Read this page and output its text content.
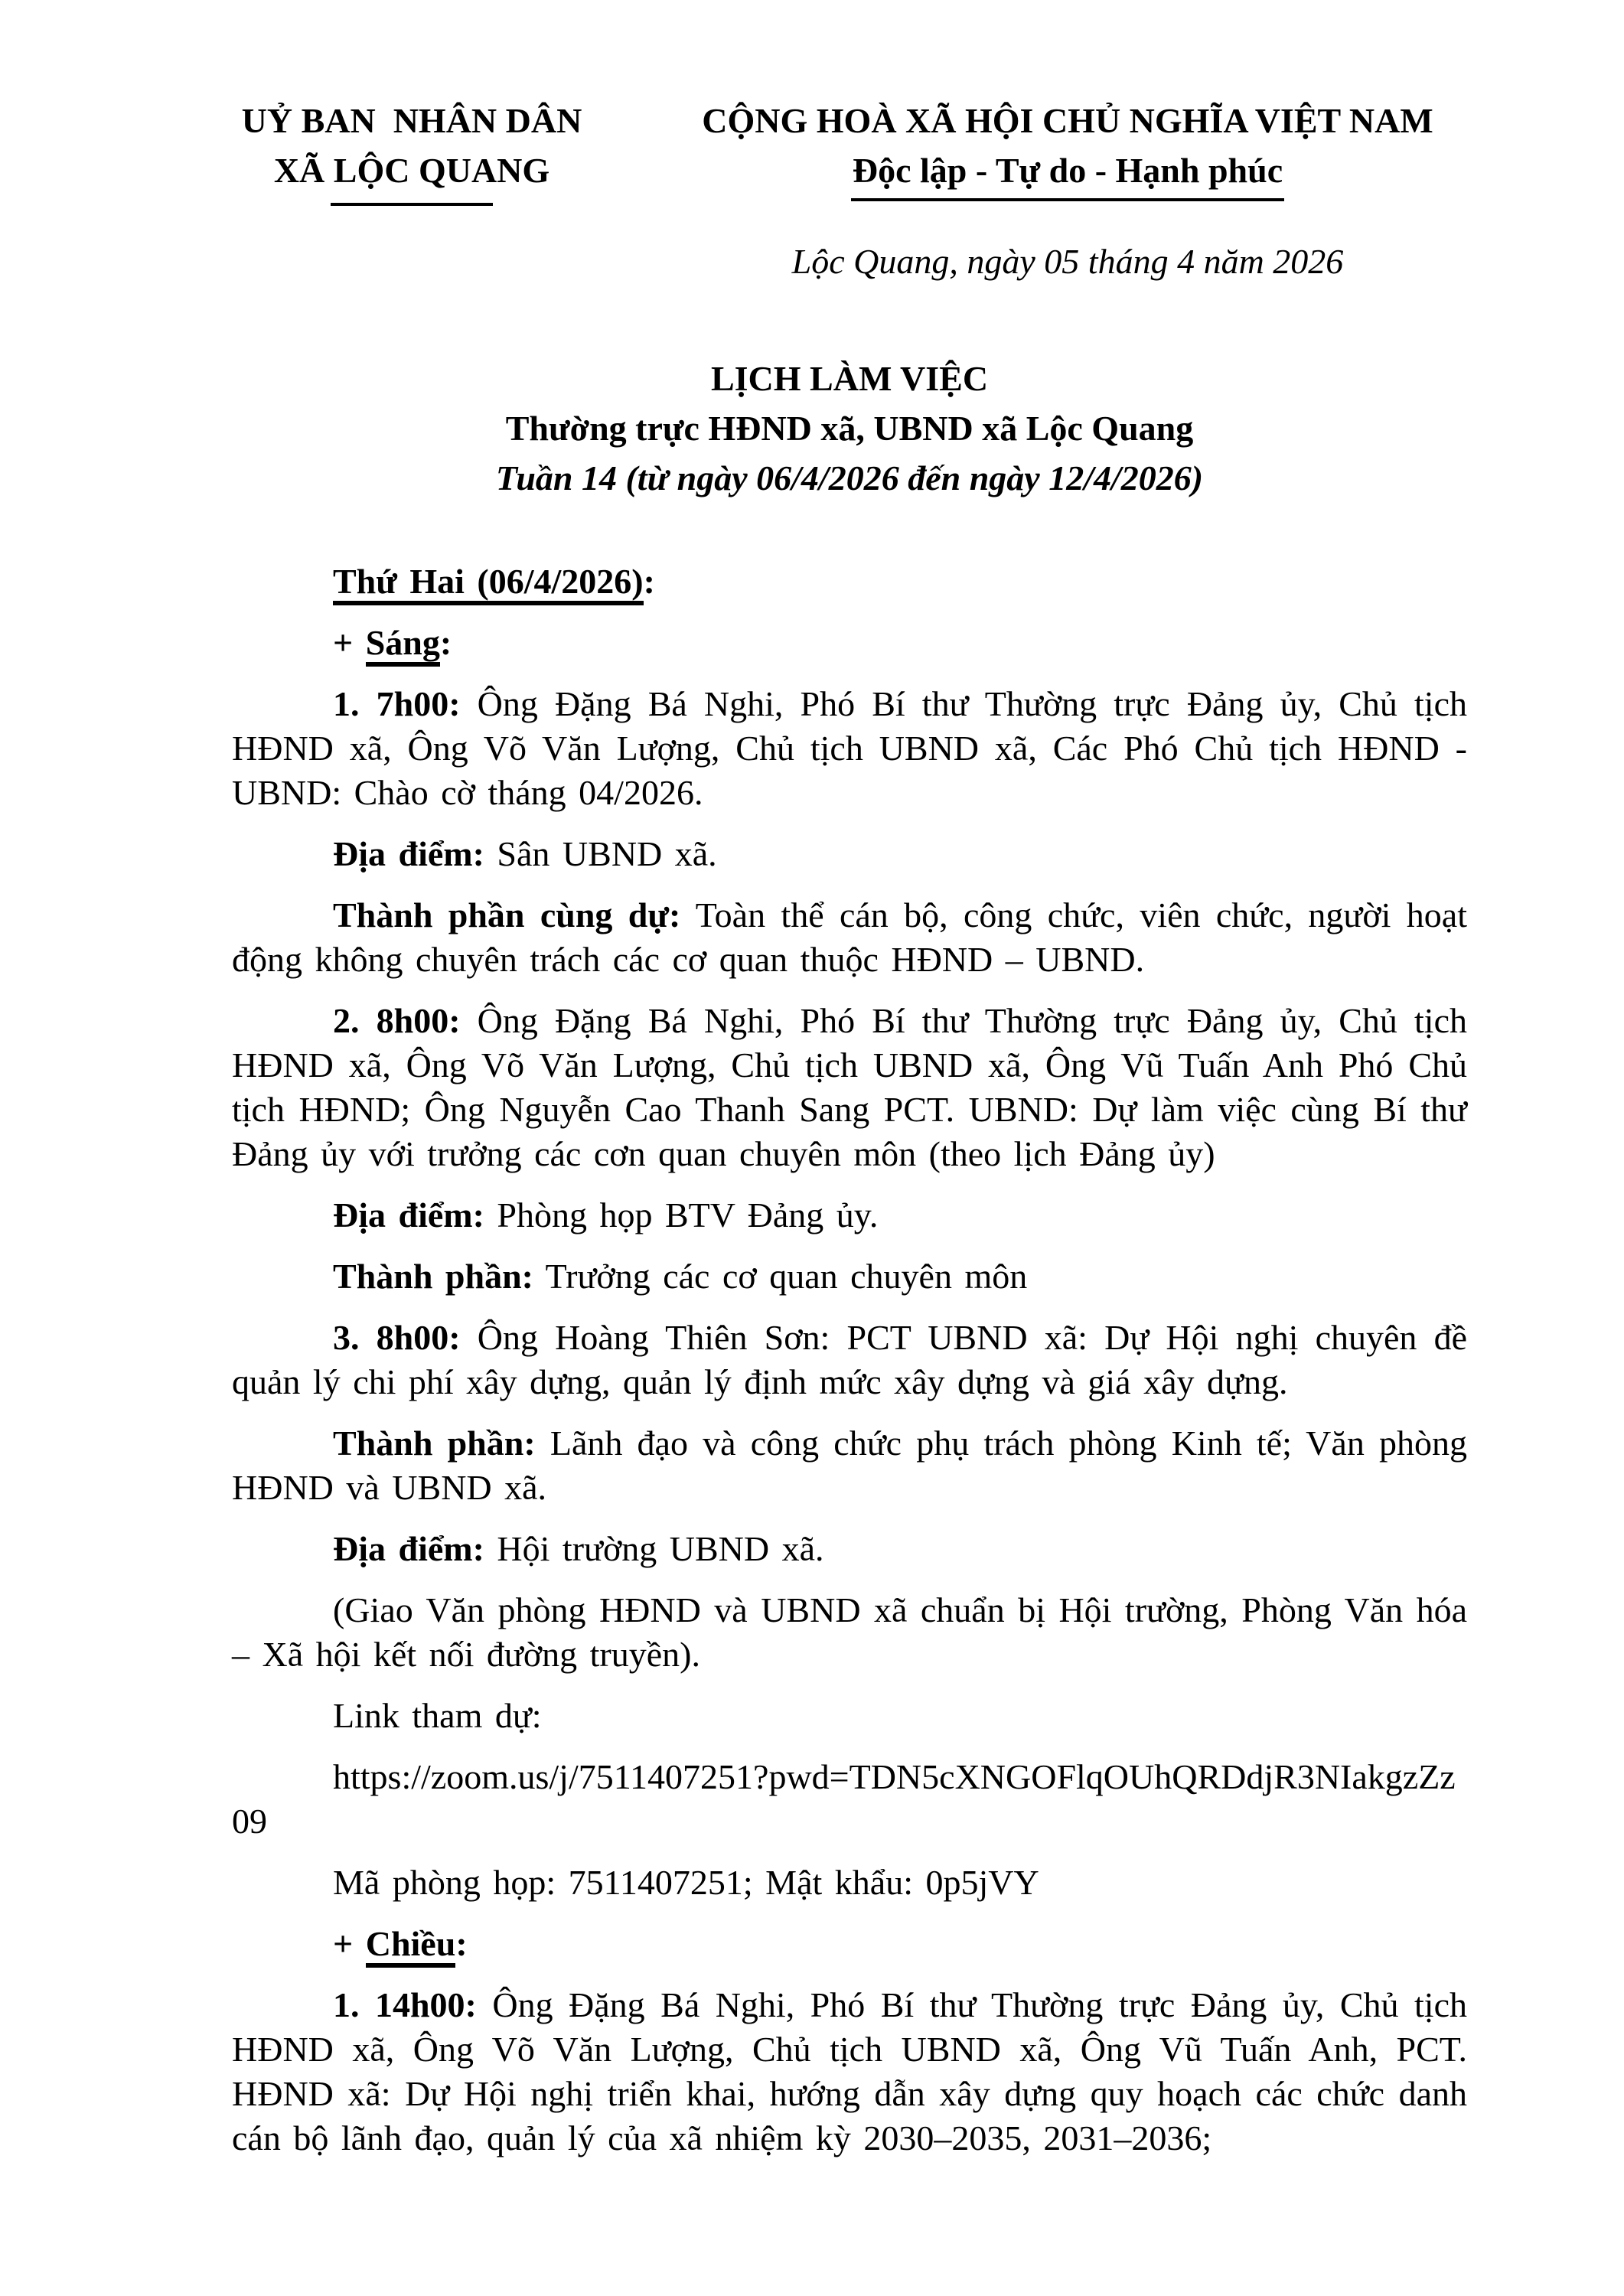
UỶ BAN  NHÂN DÂN
XÃ LỘC QUANG
CỘNG HOÀ XÃ HỘI CHỦ NGHĨA VIỆT NAM
Độc lập - Tự do - Hạnh phúc
Lộc Quang, ngày 05 tháng 4 năm 2026
LỊCH LÀM VIỆC
Thường trực HĐND xã, UBND xã Lộc Quang
Tuần 14 (từ ngày 06/4/2026 đến ngày 12/4/2026)

Thứ Hai (06/4/2026):

+ Sáng:

1. 7h00: Ông Đặng Bá Nghi, Phó Bí thư Thường trực Đảng ủy, Chủ tịch HĐND xã, Ông Võ Văn Lượng, Chủ tịch UBND xã, Các Phó Chủ tịch HĐND - UBND: Chào cờ tháng 04/2026.

Địa điểm: Sân UBND xã.

Thành phần cùng dự: Toàn thể cán bộ, công chức, viên chức, người hoạt động không chuyên trách các cơ quan thuộc HĐND – UBND.

2. 8h00: Ông Đặng Bá Nghi, Phó Bí thư Thường trực Đảng ủy, Chủ tịch HĐND xã, Ông Võ Văn Lượng, Chủ tịch UBND xã, Ông Vũ Tuấn Anh Phó Chủ tịch HĐND; Ông Nguyễn Cao Thanh Sang PCT. UBND: Dự làm việc cùng Bí thư Đảng ủy với trưởng các cơn quan chuyên môn (theo lịch Đảng ủy)

Địa điểm: Phòng họp BTV Đảng ủy.

Thành phần: Trưởng các cơ quan chuyên môn

3. 8h00: Ông Hoàng Thiên Sơn: PCT UBND xã: Dự Hội nghị chuyên đề quản lý chi phí xây dựng, quản lý định mức xây dựng và giá xây dựng.

Thành phần: Lãnh đạo và công chức phụ trách phòng Kinh tế; Văn phòng HĐND và UBND xã.

Địa điểm: Hội trường UBND xã.

(Giao Văn phòng HĐND và UBND xã chuẩn bị Hội trường, Phòng Văn hóa – Xã hội kết nối đường truyền).

Link tham dự:

https://zoom.us/j/7511407251?pwd=TDN5cXNGOFlqOUhQRDdjR3NIakgzZz09

Mã phòng họp: 7511407251; Mật khẩu: 0p5jVY

+ Chiều:

1. 14h00: Ông Đặng Bá Nghi, Phó Bí thư Thường trực Đảng ủy, Chủ tịch HĐND xã, Ông Võ Văn Lượng, Chủ tịch UBND xã, Ông Vũ Tuấn Anh, PCT. HĐND xã: Dự Hội nghị triển khai, hướng dẫn xây dựng quy hoạch các chức danh cán bộ lãnh đạo, quản lý của xã nhiệm kỳ 2030–2035, 2031–2036;
